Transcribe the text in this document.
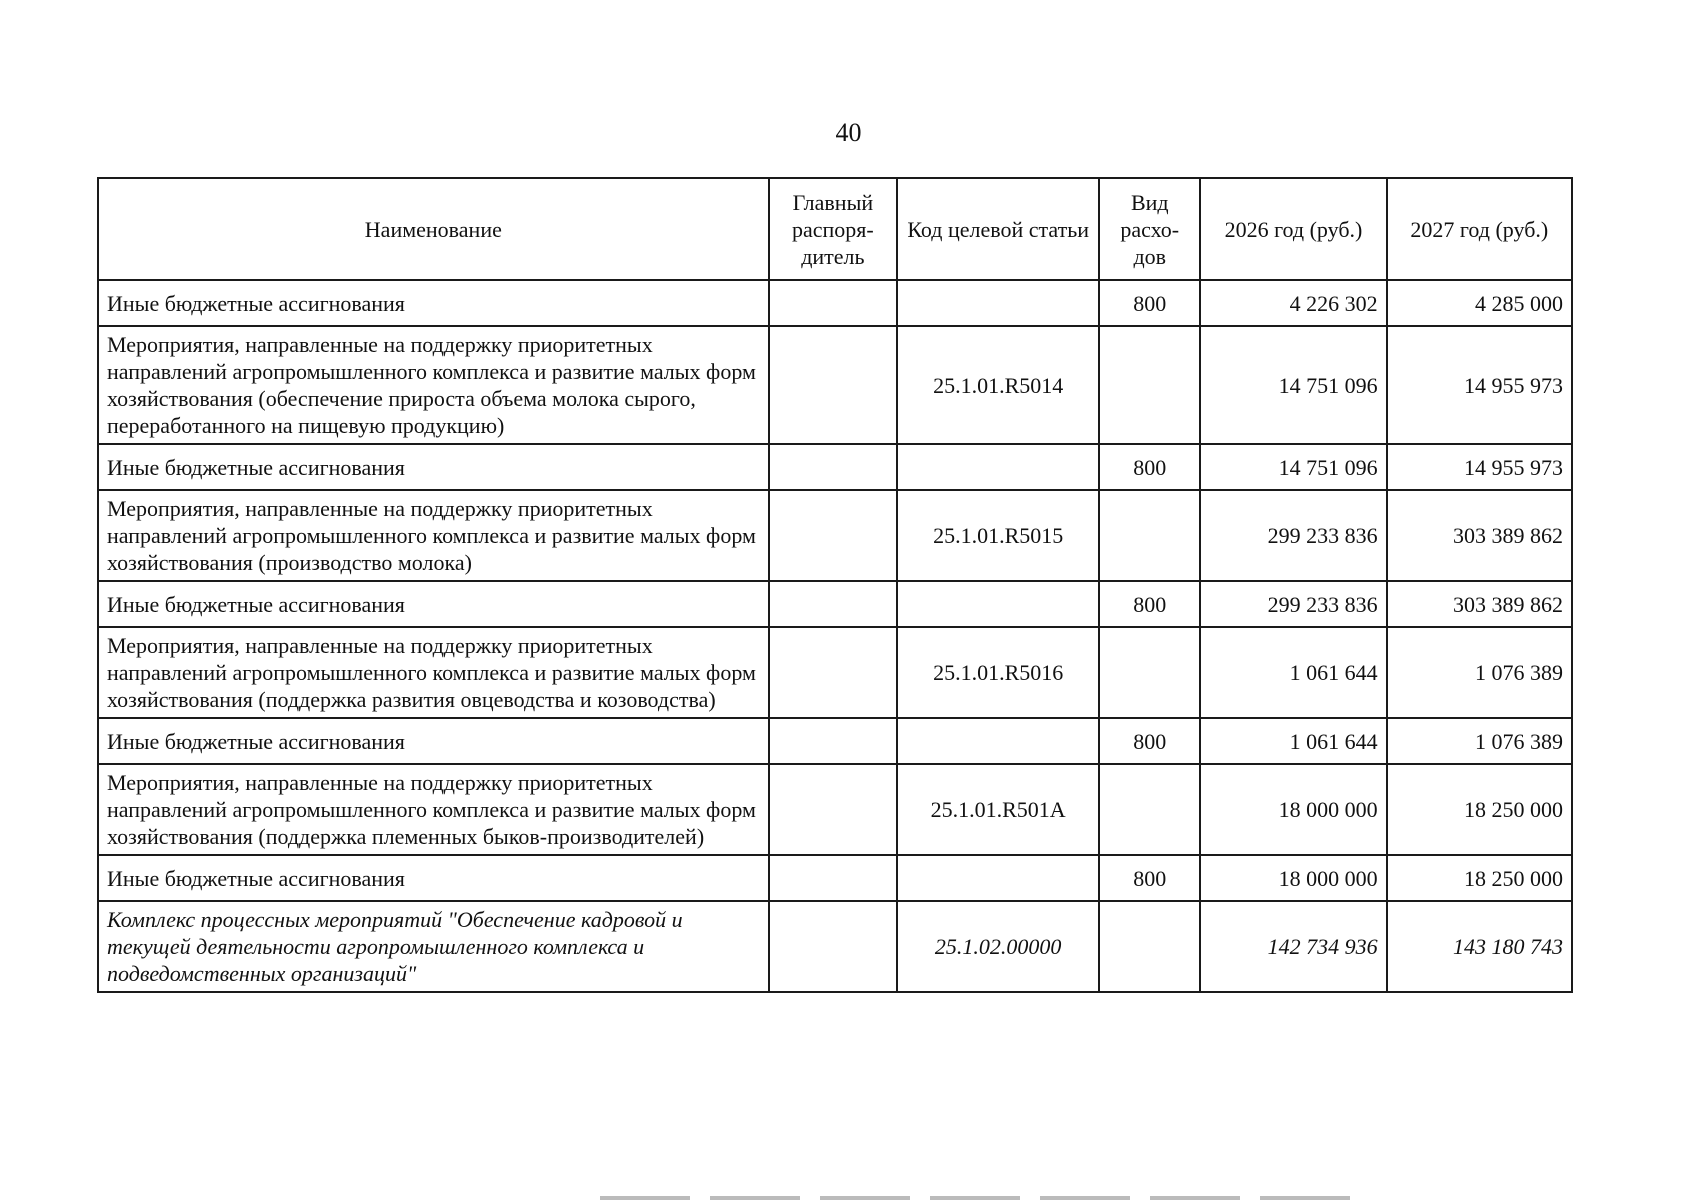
40
Наименование	Главный распоря-дитель	Код целевой статьи	Вид расхо-дов	2026 год (руб.)	2027 год (руб.)
Иные бюджетные ассигнования			800	4 226 302	4 285 000
Мероприятия, направленные на поддержку приоритетных направлений агропромышленного комплекса и развитие малых форм хозяйствования (обеспечение прироста объема молока сырого, переработанного на пищевую продукцию)		25.1.01.R5014		14 751 096	14 955 973
Иные бюджетные ассигнования			800	14 751 096	14 955 973
Мероприятия, направленные на поддержку приоритетных направлений агропромышленного комплекса и развитие малых форм хозяйствования (производство молока)		25.1.01.R5015		299 233 836	303 389 862
Иные бюджетные ассигнования			800	299 233 836	303 389 862
Мероприятия, направленные на поддержку приоритетных направлений агропромышленного комплекса и развитие малых форм хозяйствования (поддержка развития овцеводства и козоводства)		25.1.01.R5016		1 061 644	1 076 389
Иные бюджетные ассигнования			800	1 061 644	1 076 389
Мероприятия, направленные на поддержку приоритетных направлений агропромышленного комплекса и развитие малых форм хозяйствования (поддержка племенных быков-производителей)		25.1.01.R501A		18 000 000	18 250 000
Иные бюджетные ассигнования			800	18 000 000	18 250 000
Комплекс процессных мероприятий "Обеспечение кадровой и текущей деятельности агропромышленного комплекса и подведомственных организаций"		25.1.02.00000		142 734 936	143 180 743
